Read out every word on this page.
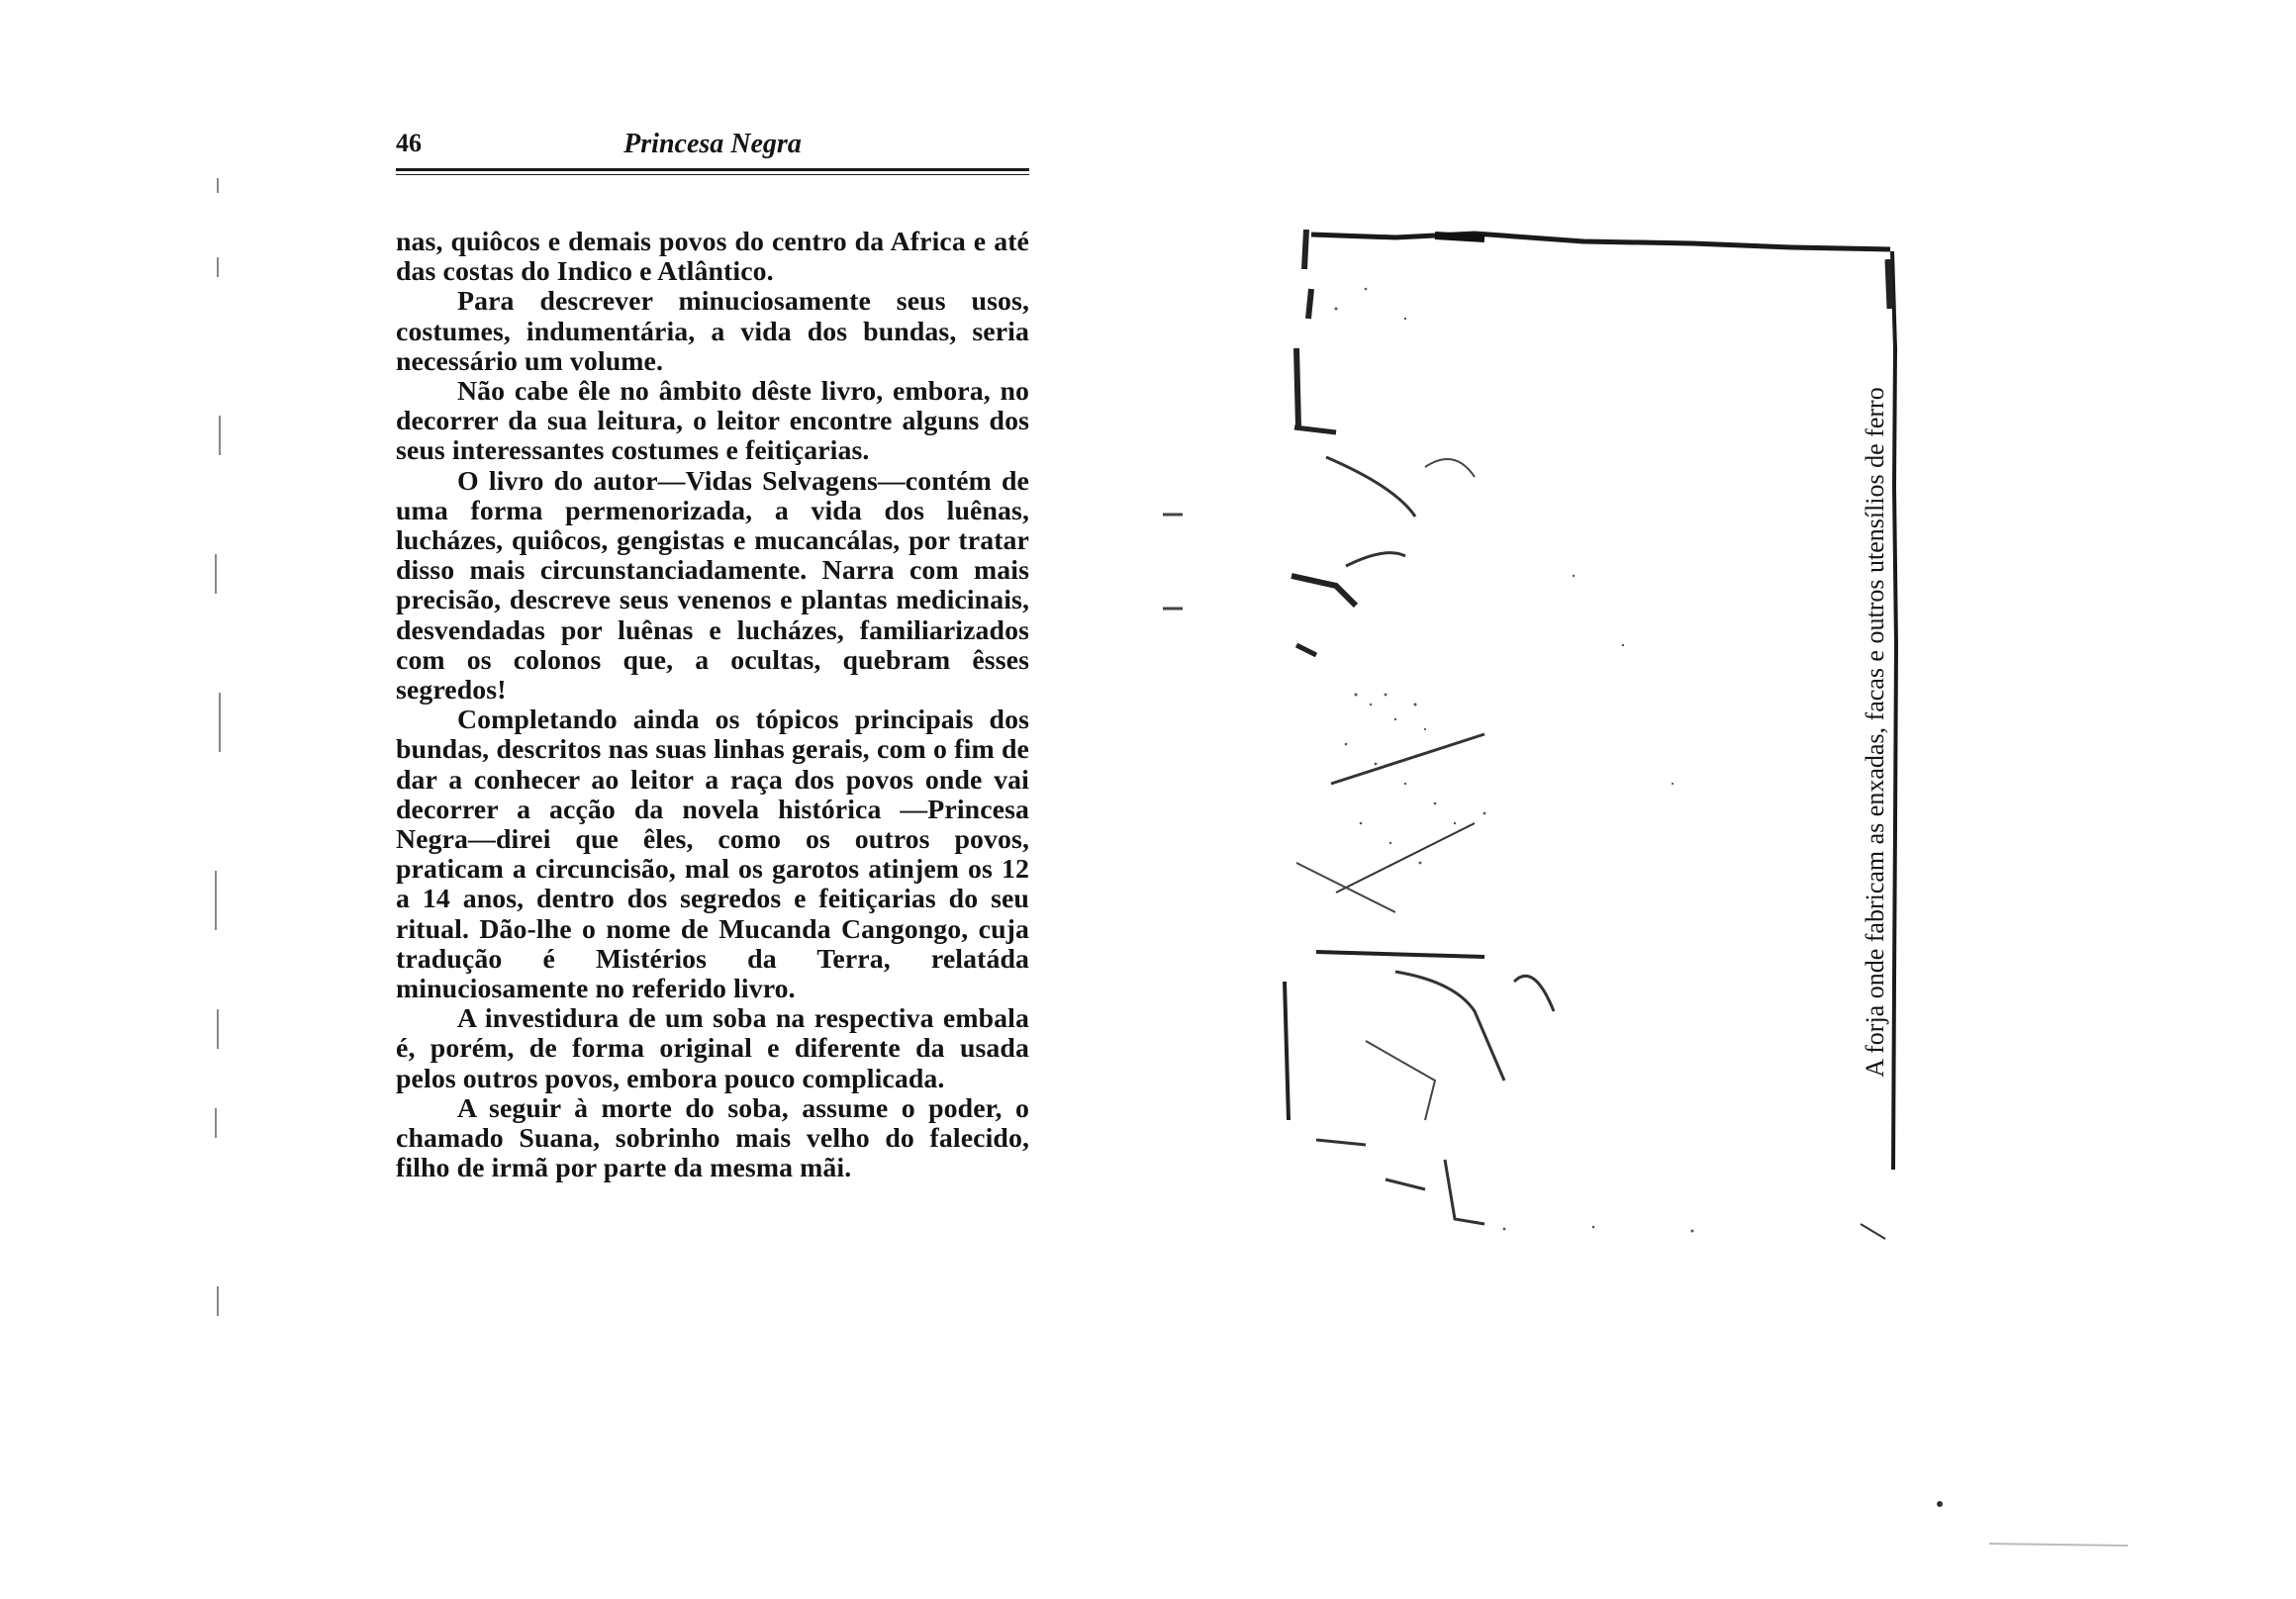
46	Princesa Negra

nas, quiôcos e demais povos do centro da Africa e até das costas do Indico e Atlântico.

Para descrever minuciosamente seus usos, costumes, indumentária, a vida dos bundas, seria necessário um volume.

Não cabe êle no âmbito dêste livro, embora, no decorrer da sua leitura, o leitor encontre alguns dos seus interessantes costumes e feitiçarias.

O livro do autor—Vidas Selvagens—contém de uma forma permenorizada, a vida dos luênas, lucházes, quiôcos, gengistas e mucancálas, por tratar disso mais circunstanciadamente. Narra com mais precisão, descreve seus venenos e plantas medicinais, desvendadas por luênas e lucházes, familiarizados com os colonos que, a ocultas, quebram êsses segredos!

Completando ainda os tópicos principais dos bundas, descritos nas suas linhas gerais, com o fim de dar a conhecer ao leitor a raça dos povos onde vai decorrer a acção da novela histórica —Princesa Negra—direi que êles, como os outros povos, praticam a circuncisão, mal os garotos atinjem os 12 a 14 anos, dentro dos segredos e feitiçarias do seu ritual. Dão-lhe o nome de Mucanda Cangongo, cuja tradução é Mistérios da Terra, relatáda minuciosamente no referido livro.

A investidura de um soba na respectiva embala é, porém, de forma original e diferente da usada pelos outros povos, embora pouco complicada.

A seguir à morte do soba, assume o poder, o chamado Suana, sobrinho mais velho do falecido, filho de irmã por parte da mesma mãi.

A forja onde fabricam as enxadas, facas e outros utensílios de ferro
